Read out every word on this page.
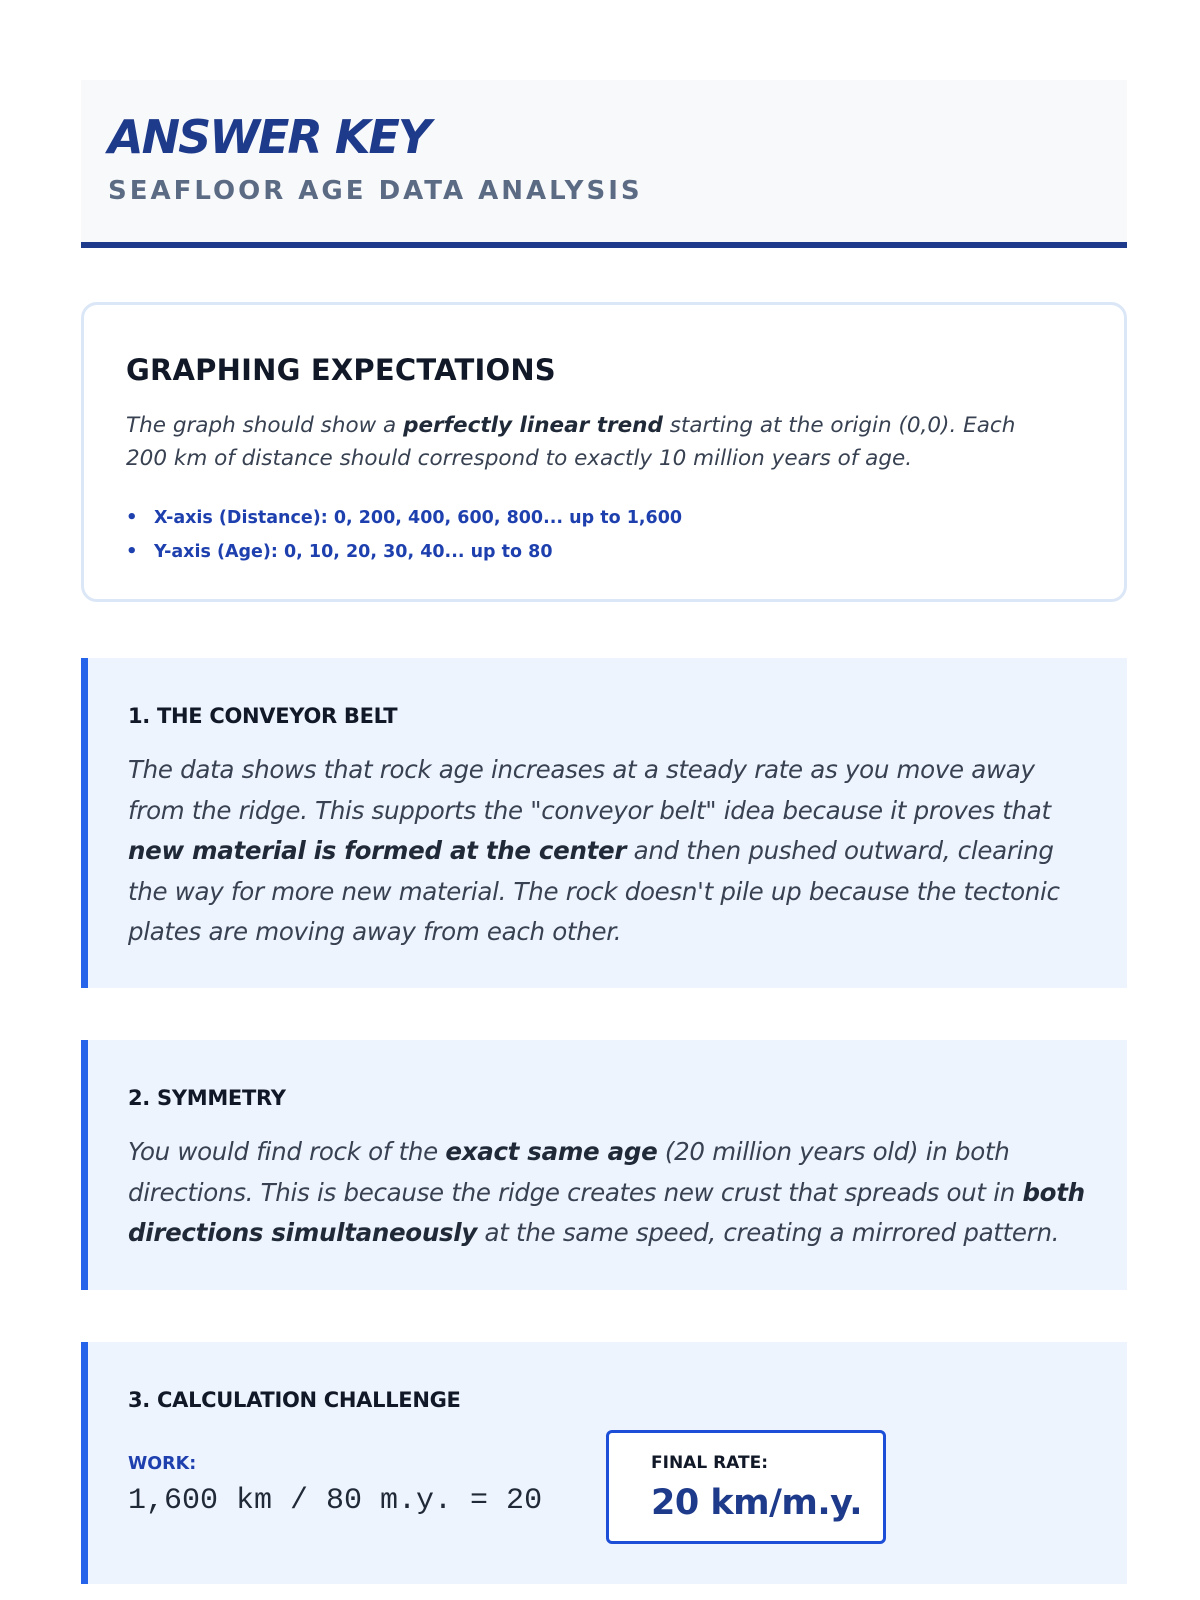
ANSWER KEY
SEAFLOOR AGE DATA ANALYSIS
GRAPHING EXPECTATIONS

The graph should show a perfectly linear trend starting at the origin (0,0). Each 200 km of distance should correspond to exactly 10 million years of age.

• X-axis (Distance): 0, 200, 400, 600, 800... up to 1,600
• Y-axis (Age): 0, 10, 20, 30, 40... up to 80
1. THE CONVEYOR BELT

The data shows that rock age increases at a steady rate as you move away from the ridge. This supports the "conveyor belt" idea because it proves that new material is formed at the center and then pushed outward, clearing the way for more new material. The rock doesn't pile up because the tectonic plates are moving away from each other.

2. SYMMETRY

You would find rock of the exact same age (20 million years old) in both directions. This is because the ridge creates new crust that spreads out in both directions simultaneously at the same speed, creating a mirrored pattern.

3. CALCULATION CHALLENGE
WORK:
1,600 km / 80 m.y. = 20
FINAL RATE:
20 km/m.y.
